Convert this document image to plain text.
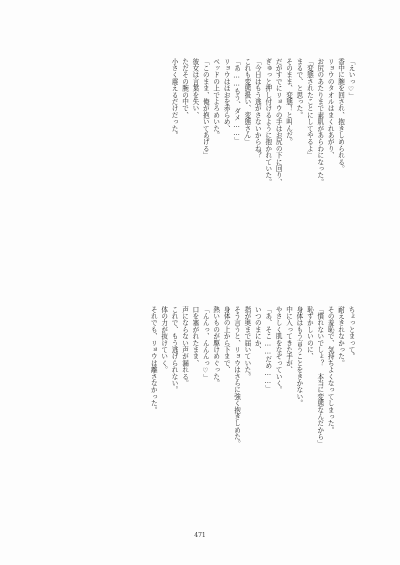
「えいっ♡」
香中に腕を回され、抱きしめられる。
リョウのタオルはまくれあがり、
お尻のあたりまで素肌があらわになった。
「変態されたことにしてやるよ」
まるで、と思った。
そのまま、変態！と叫んだ。
だがすでにリョウの手はお尻の下に回り、
ぎゅっと押し付けるように抱かれていた。
「今日はもう逃がさないからね？
これも変態扱い、変態さん」
「あ……もう、ダメ……」
リョウはほおを赤らめ、
ベッドの上でよろめいた。
「このまま、俺が抱いてあげる」
彼女は言葉を失い、
ただその腕の中で、
小さく震えるだけだった。
ちょっとまって。
耐えきれなかった。
その羞恥で、気持ちよくなってしまった。
「慣れないでしょ？　本当に変態なんだから」
恥ずかしいのに、
身体はもう言うことをきかない。
中に入ってきた手が、
やさしく肌をなぞっていく。
「あ、そこ……だめ……」
いつのまにか、
指が奥まで届いていた。
そう言うと、リョウはさらに強く抱きしめた。
身体の上から下まで、
熱いものが駆けめぐった。
「んんっ、んんんっ♡」
口を塞がれたまま、
声にならない声が漏れる。
これで、もう逃げられない。
体の力が抜けていく。
それでも、リョウは離さなかった。
471
